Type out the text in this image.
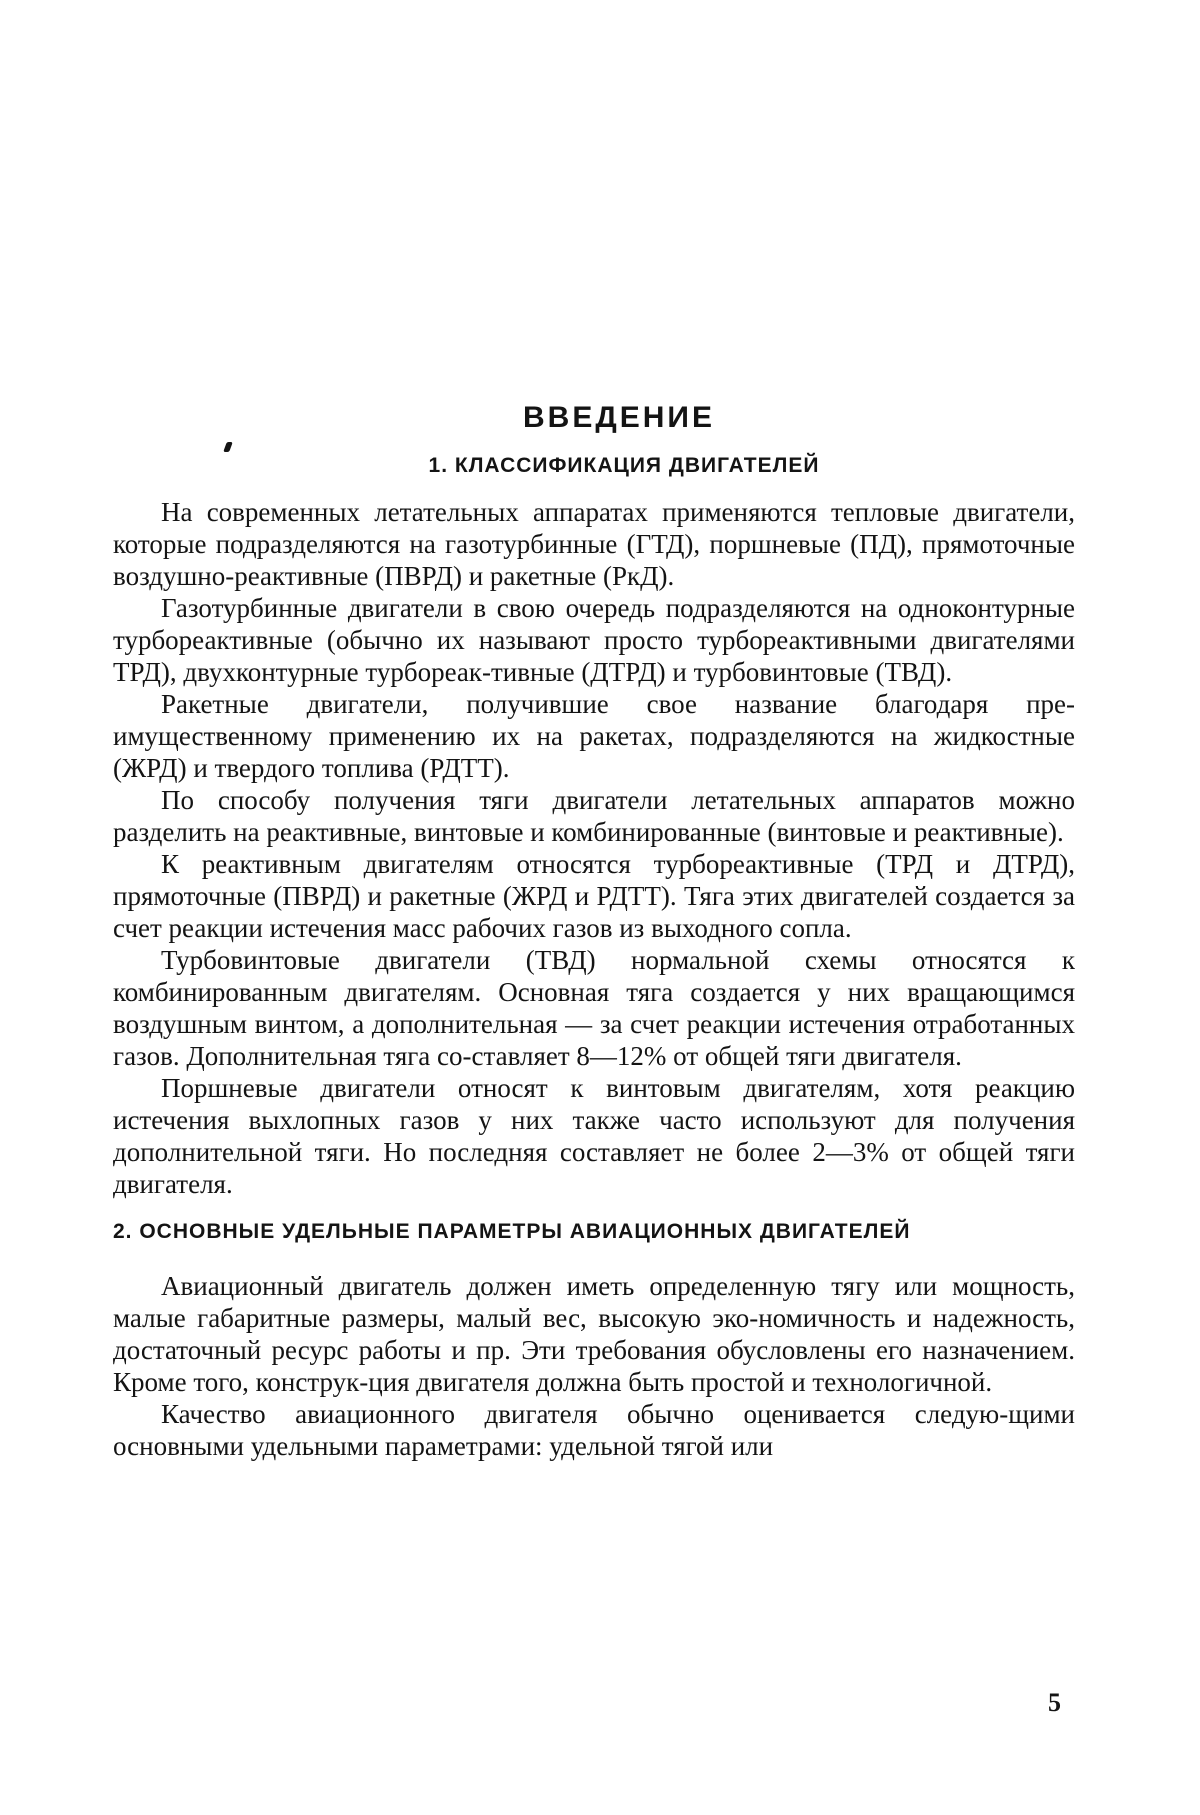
ВВЕДЕНИЕ
1. КЛАССИФИКАЦИЯ ДВИГАТЕЛЕЙ

На современных летательных аппаратах применяются тепловые двигатели, которые подразделяются на газотурбинные (ГТД), поршневые (ПД), прямоточные воздушно-реактивные (ПВРД) и ракетные (РкД).

Газотурбинные двигатели в свою очередь подразделяются на одноконтурные турбореактивные (обычно их называют просто турбореактивными двигателями ТРД), двухконтурные турбореак-тивные (ДТРД) и турбовинтовые (ТВД).

Ракетные двигатели, получившие свое название благодаря пре-имущественному применению их на ракетах, подразделяются на жидкостные (ЖРД) и твердого топлива (РДТТ).

По способу получения тяги двигатели летательных аппаратов можно разделить на реактивные, винтовые и комбинированные (винтовые и реактивные).

К реактивным двигателям относятся турбореактивные (ТРД и ДТРД), прямоточные (ПВРД) и ракетные (ЖРД и РДТТ). Тяга этих двигателей создается за счет реакции истечения масс рабочих газов из выходного сопла.

Турбовинтовые двигатели (ТВД) нормальной схемы относятся к комбинированным двигателям. Основная тяга создается у них вращающимся воздушным винтом, а дополнительная — за счет реакции истечения отработанных газов. Дополнительная тяга со-ставляет 8—12% от общей тяги двигателя.

Поршневые двигатели относят к винтовым двигателям, хотя реакцию истечения выхлопных газов у них также часто используют для получения дополнительной тяги. Но последняя составляет не более 2—3% от общей тяги двигателя.

2. ОСНОВНЫЕ УДЕЛЬНЫЕ ПАРАМЕТРЫ АВИАЦИОННЫХ ДВИГАТЕЛЕЙ

Авиационный двигатель должен иметь определенную тягу или мощность, малые габаритные размеры, малый вес, высокую эко-номичность и надежность, достаточный ресурс работы и пр. Эти требования обусловлены его назначением. Кроме того, конструк-ция двигателя должна быть простой и технологичной.

Качество авиационного двигателя обычно оценивается следую-щими основными удельными параметрами: удельной тягой или

5
